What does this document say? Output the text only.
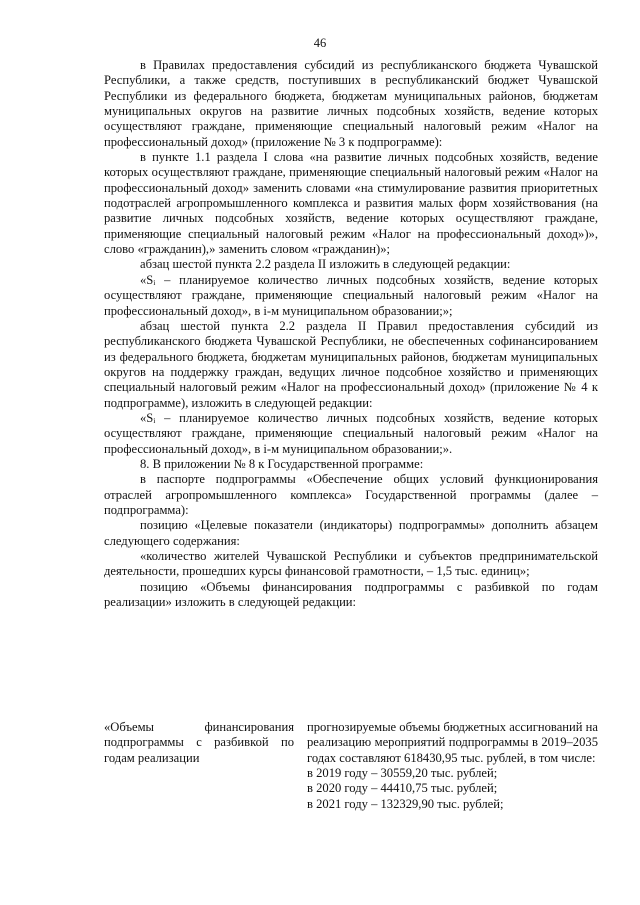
46

в Правилах предоставления субсидий из республиканского бюджета Чувашской Республики, а также средств, поступивших в республиканский бюджет Чувашской Республики из федерального бюджета, бюджетам муниципальных районов, бюджетам муниципальных округов на развитие личных подсобных хозяйств, ведение которых осуществляют граждане, применяющие специальный налоговый режим «Налог на профессиональный доход» (приложение № 3 к подпрограмме):

в пункте 1.1 раздела I слова «на развитие личных подсобных хозяйств, ведение которых осуществляют граждане, применяющие специальный налоговый режим «Налог на профессиональный доход» заменить словами «на стимулирование развития приоритетных подотраслей агропромышленного комплекса и развития малых форм хозяйствования (на развитие личных подсобных хозяйств, ведение которых осуществляют граждане, применяющие специальный налоговый режим «Налог на профессиональный доход»)», слово «гражданин),» заменить словом «гражданин)»;

абзац шестой пункта 2.2 раздела II изложить в следующей редакции:

«Sᵢ – планируемое количество личных подсобных хозяйств, ведение которых осуществляют граждане, применяющие специальный налоговый режим «Налог на профессиональный доход», в i-м муниципальном образовании;»;

абзац шестой пункта 2.2 раздела II Правил предоставления субсидий из республиканского бюджета Чувашской Республики, не обеспеченных софинансированием из федерального бюджета, бюджетам муниципальных районов, бюджетам муниципальных округов на поддержку граждан, ведущих личное подсобное хозяйство и применяющих специальный налоговый режим «Налог на профессиональный доход» (приложение № 4 к подпрограмме), изложить в следующей редакции:

«Sᵢ – планируемое количество личных подсобных хозяйств, ведение которых осуществляют граждане, применяющие специальный налоговый режим «Налог на профессиональный доход», в i-м муниципальном образовании;».

8. В приложении № 8 к Государственной программе:

в паспорте подпрограммы «Обеспечение общих условий функционирования отраслей агропромышленного комплекса» Государственной программы (далее – подпрограмма):

позицию «Целевые показатели (индикаторы) подпрограммы» дополнить абзацем следующего содержания:

«количество жителей Чувашской Республики и субъектов предпринимательской деятельности, прошедших курсы финансовой грамотности, – 1,5 тыс. единиц»;

позицию «Объемы финансирования подпрограммы с разбивкой по годам реализации» изложить в следующей редакции:

«Объемы финансирования подпрограммы с разбивкой по годам реализации

прогнозируемые объемы бюджетных ассигнований на реализацию мероприятий подпрограммы в 2019–2035 годах составляют 618430,95 тыс. рублей, в том числе:

в 2019 году – 30559,20 тыс. рублей;

в 2020 году – 44410,75 тыс. рублей;

в 2021 году – 132329,90 тыс. рублей;
